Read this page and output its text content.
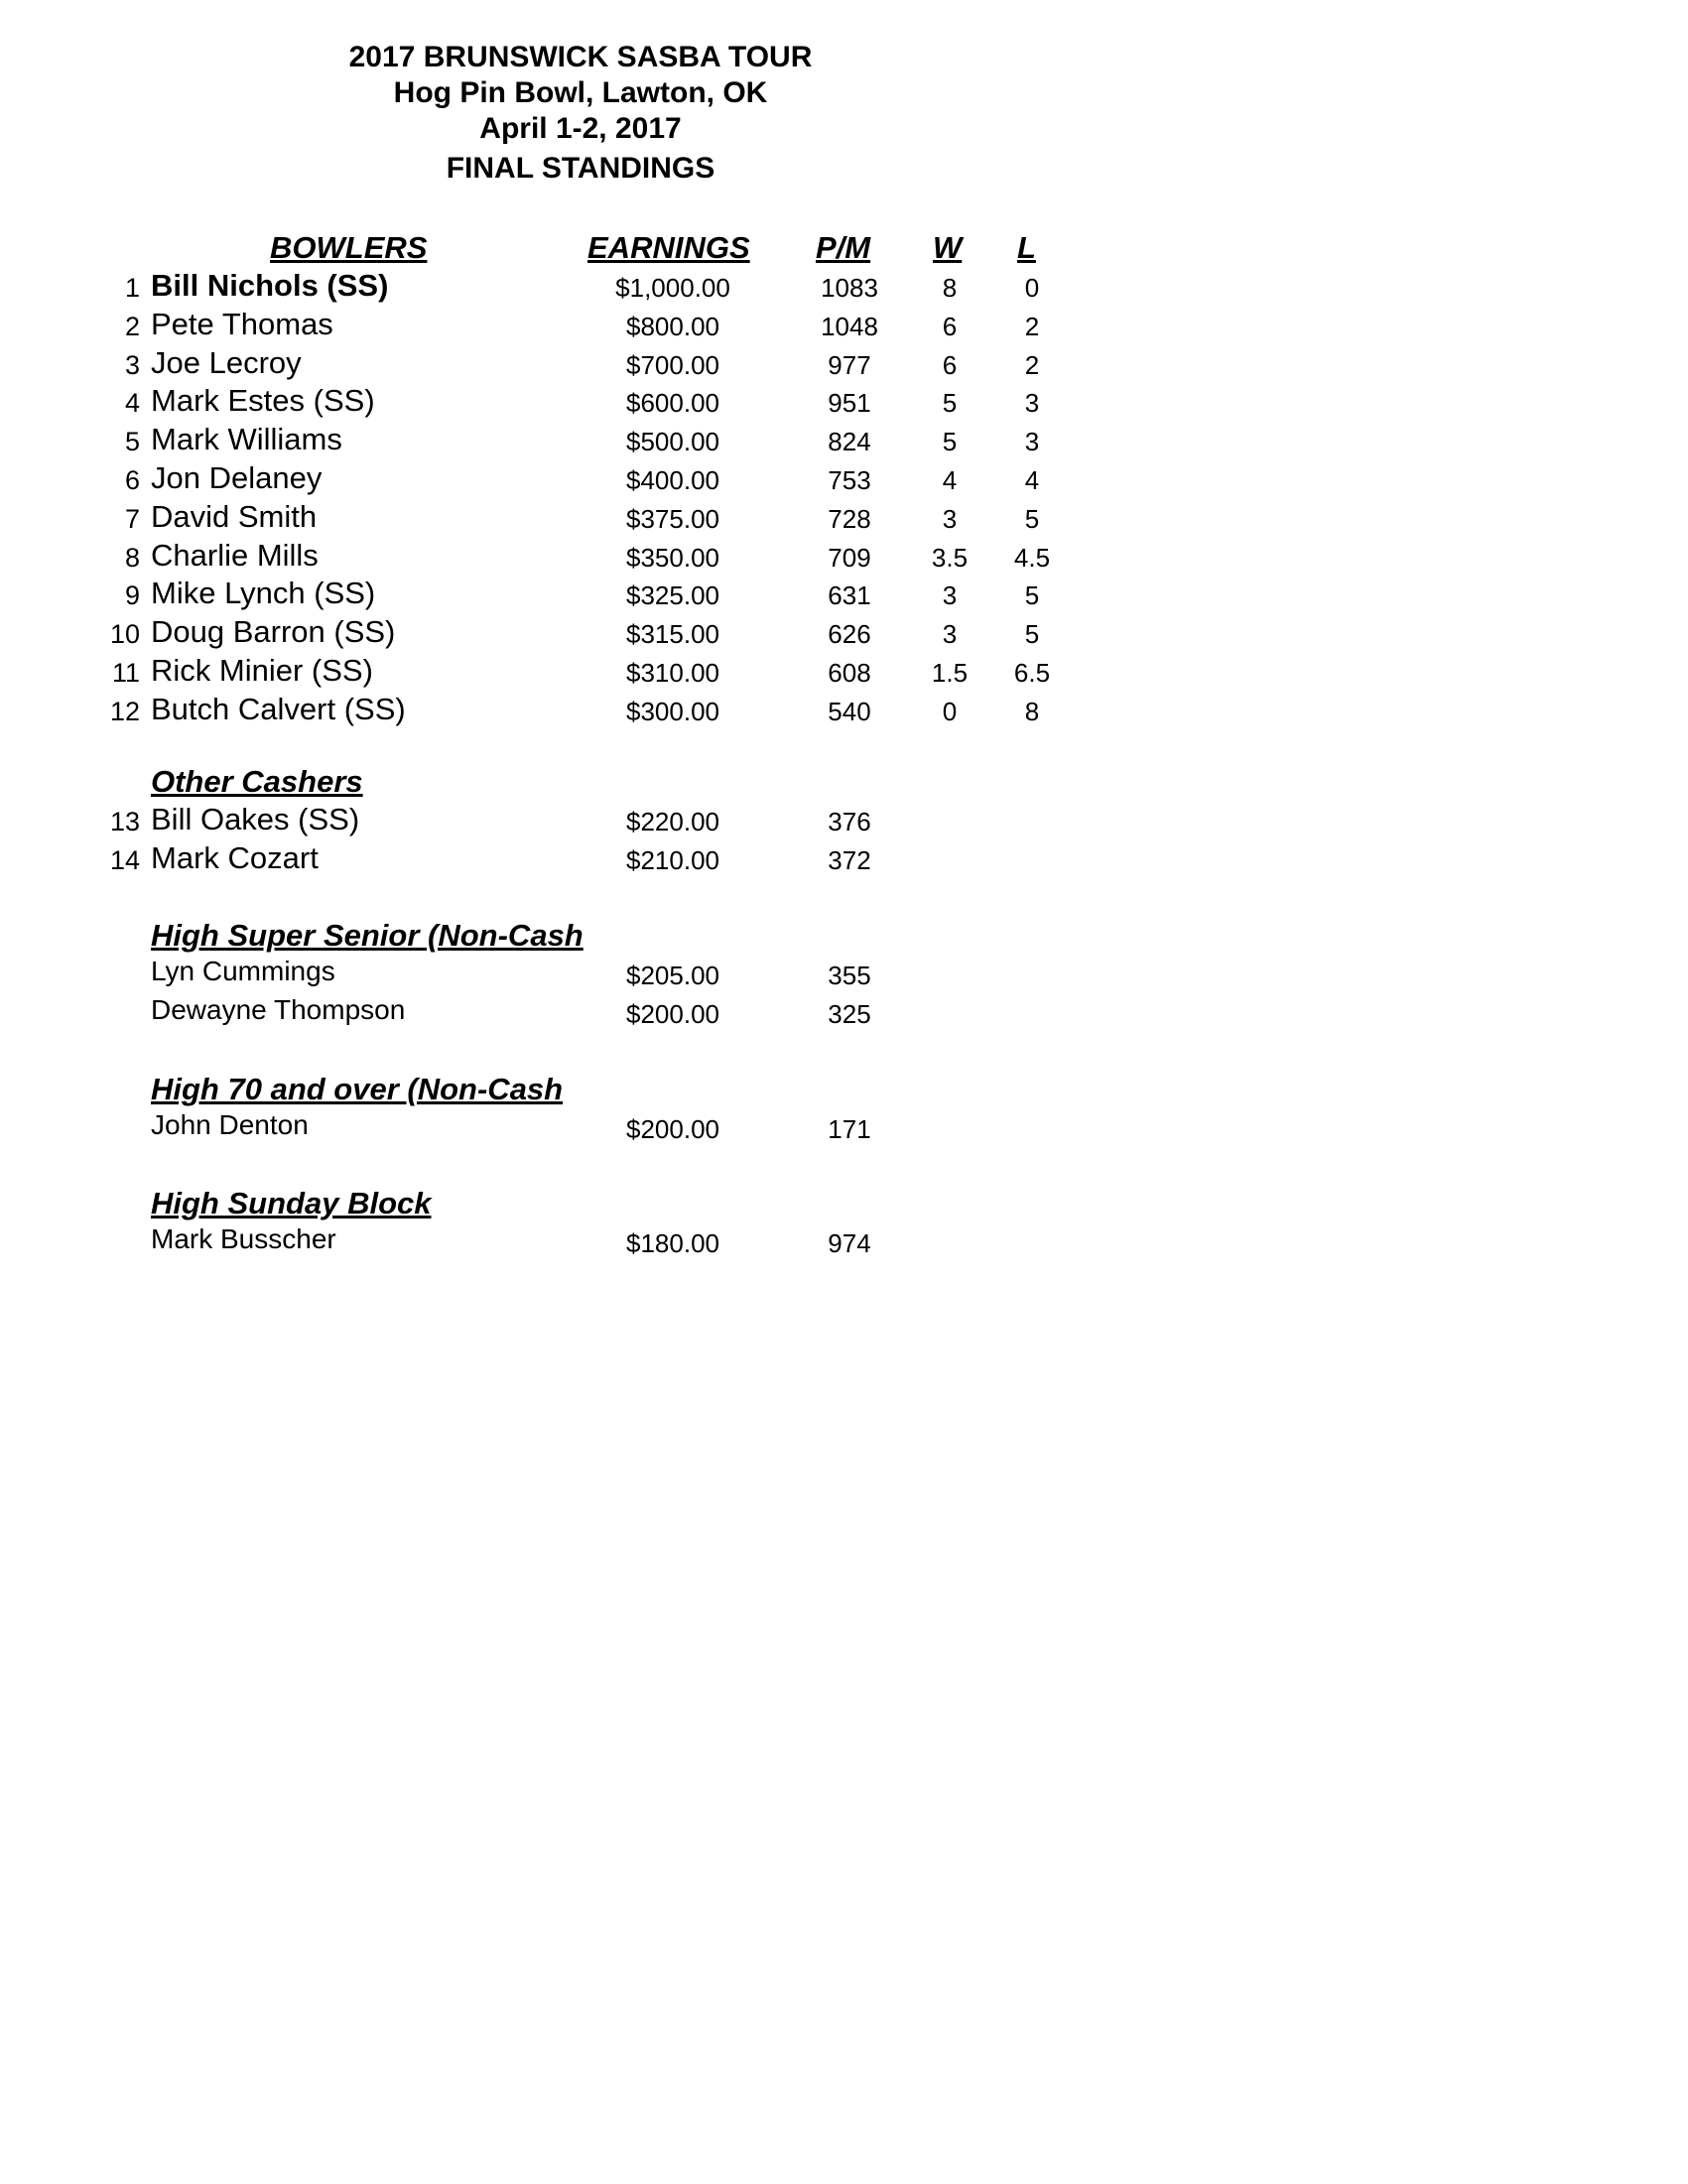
2017 BRUNSWICK SASBA TOUR
Hog Pin Bowl, Lawton, OK
April 1-2, 2017
FINAL STANDINGS
BOWLERS	EARNINGS P/M W L
1 Bill Nichols (SS)	$1,000.00	1083 8	0
2 Pete Thomas	$800.00	1048 6	2
3 Joe Lecroy	$700.00	977	6	2
4 Mark Estes (SS)	$600.00	951	5	3
5 Mark Williams	$500.00	824	5	3
6 Jon Delaney	$400.00	753	4	4
7 David Smith	$375.00	728	3	5
8 Charlie Mills	$350.00	709 3.5 4.5
9 Mike Lynch (SS)	$325.00	631	3	5
10 Doug Barron (SS)	$315.00	626	3	5
11 Rick Minier (SS)	$310.00	608 1.5 6.5
12 Butch Calvert (SS)	$300.00	540	0	8
Other Cashers
13 Bill Oakes (SS)	$220.00	376
14 Mark Cozart	$210.00	372
High Super Senior (Non-Cash
Lyn Cummings	$205.00	355
Dewayne Thompson	$200.00	325
High 70 and over (Non-Cash
John Denton	$200.00	171
High Sunday Block
Mark Busscher	$180.00	974
